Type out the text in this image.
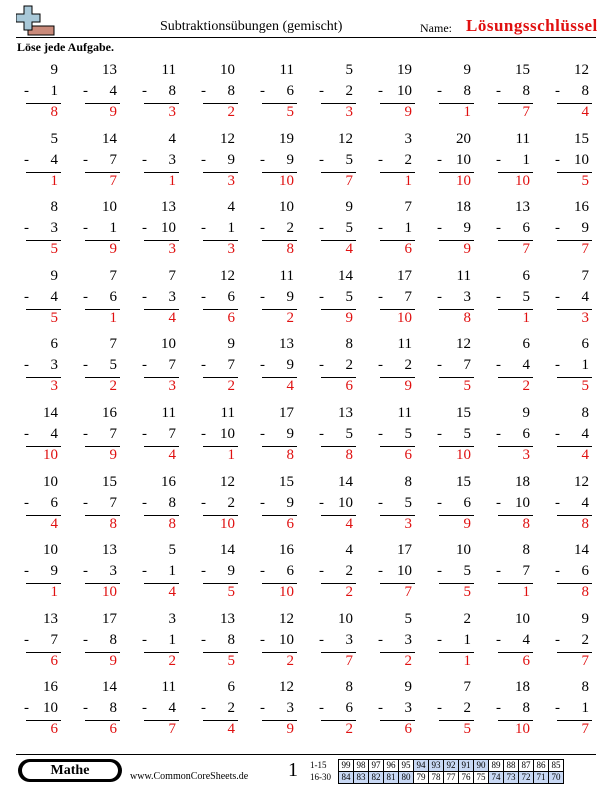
Subtraktionsübungen (gemischt)	Name: Lösungsschlüssel
Löse jede Aufgabe.
9
- 1
8
13
- 4
9
11
- 8
3
10
- 8
2
11
- 6
5
5
- 2
3
19
- 10
9
9
- 8
1
15
- 8
7
12
- 8
4
5
- 4
1
14
- 7
7
4
- 3
1
12
- 9
3
19
- 9
10
12
- 5
7
3
- 2
1
20
- 10
10
11
- 1
10
15
- 10
5
8
- 3
5
10
- 1
9
13
- 10
3
4
- 1
3
10
- 2
8
9
- 5
4
7
- 1
6
18
- 9
9
13
- 6
7
16
- 9
7
9
- 4
5
7
- 6
1
7
- 3
4
12
- 6
6
11
- 9
2
14
- 5
9
17
- 7
10
11
- 3
8
6
- 5
1
7
- 4
3
6
- 3
3
7
- 5
2
10
- 7
3
9
- 7
2
13
- 9
4
8
- 2
6
11
- 2
9
12
- 7
5
6
- 4
2
6
- 1
5
14
- 4
10
16
- 7
9
11
- 7
4
11
- 10
1
17
- 9
8
13
- 5
8
11
- 5
6
15
- 5
10
9
- 6
3
8
- 4
4
10
- 6
4
15
- 7
8
16
- 8
8
12
- 2
10
15
- 9
6
14
- 10
4
8
- 5
3
15
- 6
9
18
- 10
8
12
- 4
8
10
- 9
1
13
- 3
10
5
- 1
4
14
- 9
5
16
- 6
10
4
- 2
2
17
- 10
7
10
- 5
5
8
- 7
1
14
- 6
8
13
- 7
6
17
- 8
9
3
- 1
2
13
- 8
5
12
- 10
2
10
- 3
7
5
- 3
2
2
- 1
1
10
- 4
6
9
- 2
7
16
- 10
6
14
- 8
6
11
- 4
7
6
- 2
4
12
- 3
9
8
- 6
2
9
- 3
6
7
- 2
5
18
- 8
10
8
- 1
7
Mathe	www.CommonCoreSheets.de 1 1-15	99	98	97	96	95	94	93	92	91	90	89	88	87	86	85
16-30	84	83	82	81	80	79	78	77	76	75	74	73	72	71	70
